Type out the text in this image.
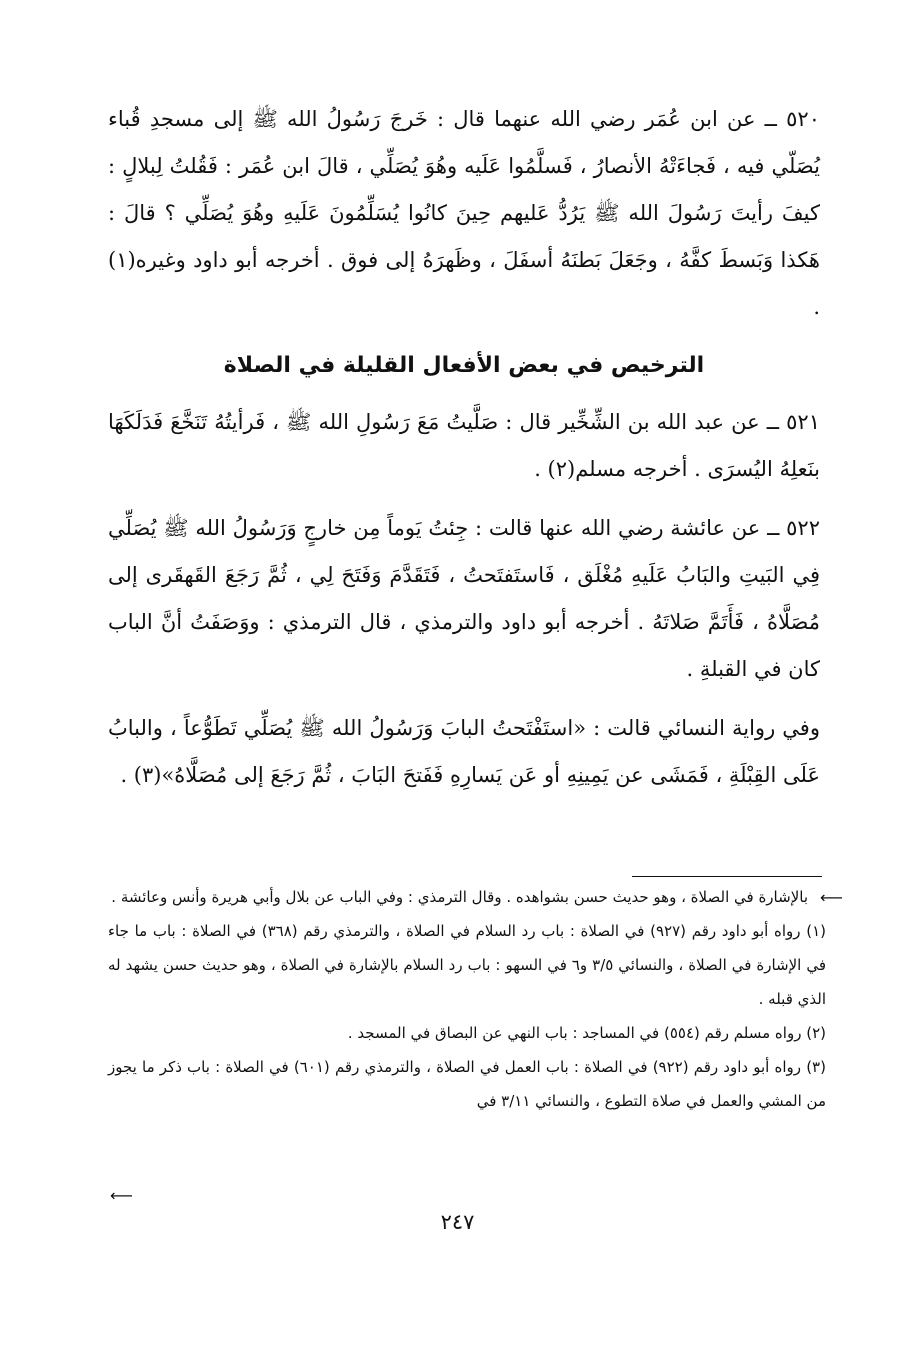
٥٢٠ ــ عن ابن عُمَر رضي الله عنهما قال : خَرجَ رَسُولُ الله ﷺ إلى مسجدِ قُباء يُصَلّي فيه ، فَجاءَتْهُ الأنصارُ ، فَسلَّمُوا عَلَيه وهُوَ يُصَلِّي ، قالَ ابن عُمَر : فَقُلتُ لِبلالٍ : كيفَ رأيتَ رَسُولَ الله ﷺ يَرُدُّ عَليهم حِينَ كانُوا يُسَلِّمُونَ عَلَيهِ وهُوَ يُصَلِّي ؟ قالَ : هَكذا وَبَسطَ كفَّهُ ، وجَعَلَ بَطنَهُ أسفَلَ ، وظَهرَهُ إلى فوق . أخرجه أبو داود وغيره(١) .

الترخيص في بعض الأفعال القليلة في الصلاة

٥٢١ ــ عن عبد الله بن الشِّخِّير قال : صَلَّيتُ مَعَ رَسُولِ الله ﷺ ، فَرأيتُهُ تَنَخَّعَ فَدَلَكَهَا بنَعلِهُ اليُسرَى . أخرجه مسلم(٢) .

٥٢٢ ــ عن عائشة رضي الله عنها قالت : جِئتُ يَوماً مِن خارجٍ وَرَسُولُ الله ﷺ يُصَلِّي فِي البَيتِ والبَابُ عَلَيهِ مُغْلَق ، فَاستَفتَحتُ ، فَتَقَدَّمَ وَفَتَحَ لِي ، ثُمَّ رَجَعَ القَهقَرى إلى مُصَلَّاهُ ، فَأَتَمَّ صَلاتَهُ . أخرجه أبو داود والترمذي ، قال الترمذي : ووَصَفَتُ أنَّ الباب كان في القبلةِ .

وفي رواية النسائي قالت : «استَفْتَحتُ البابَ وَرَسُولُ الله ﷺ يُصَلِّي تَطَوُّعاً ، والبابُ عَلَى القِبْلَةِ ، فَمَشَى عن يَمِينِهِ أو عَن يَسارِهِ فَفَتحَ البَابَ ، ثُمَّ رَجَعَ إلى مُصَلَّاهُ»(٣) .

⟵

بالإشارة في الصلاة ، وهو حديث حسن بشواهده . وقال الترمذي : وفي الباب عن بلال وأبي هريرة وأنس وعائشة .

(١) رواه أبو داود رقم (٩٢٧) في الصلاة : باب رد السلام في الصلاة ، والترمذي رقم (٣٦٨) في الصلاة : باب ما جاء في الإشارة في الصلاة ، والنسائي ٣/٥ و٦ في السهو : باب رد السلام بالإشارة في الصلاة ، وهو حديث حسن يشهد له الذي قبله .

(٢) رواه مسلم رقم (٥٥٤) في المساجد : باب النهي عن البصاق في المسجد .

(٣) رواه أبو داود رقم (٩٢٢) في الصلاة : باب العمل في الصلاة ، والترمذي رقم (٦٠١) في الصلاة : باب ذكر ما يجوز من المشي والعمل في صلاة التطوع ، والنسائي ٣/١١ في

⟵
٢٤٧
